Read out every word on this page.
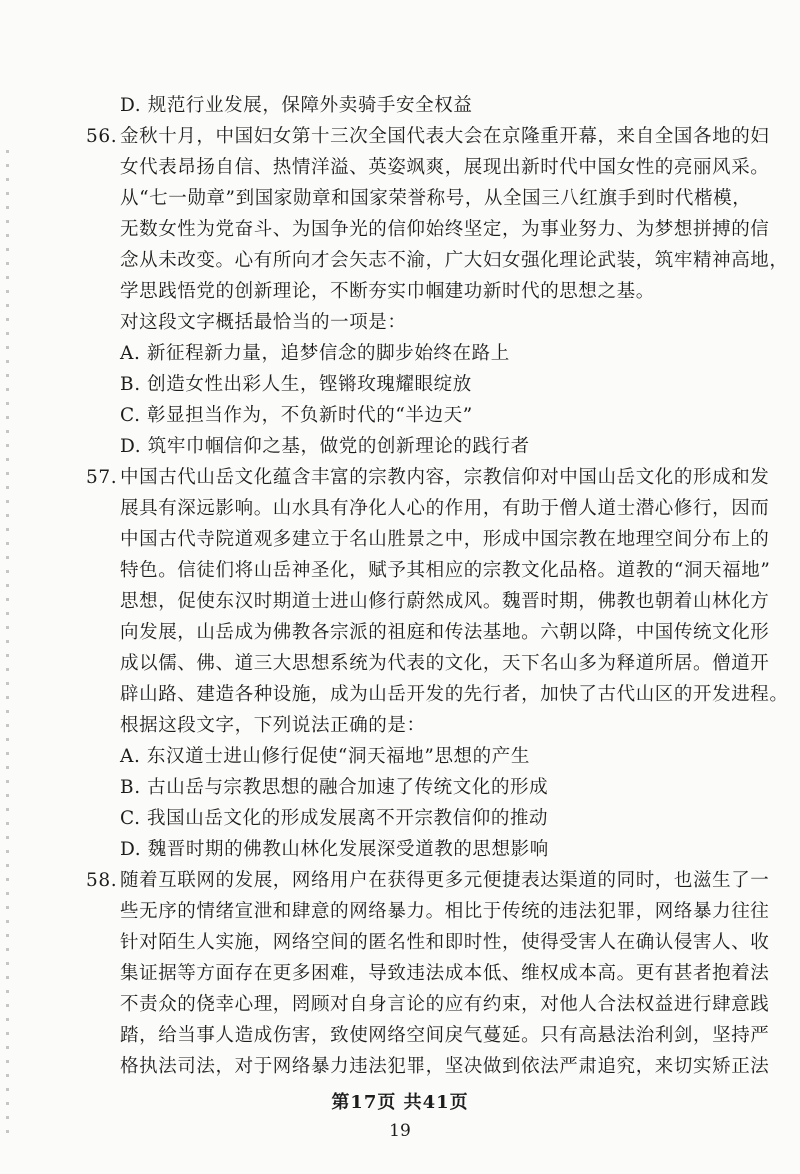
D. 规范行业发展，保障外卖骑手安全权益
56. 金秋十月，中国妇女第十三次全国代表大会在京隆重开幕，来自全国各地的妇
女代表昂扬自信、热情洋溢、英姿飒爽，展现出新时代中国女性的亮丽风采。
从“七一勋章”到国家勋章和国家荣誉称号，从全国三八红旗手到时代楷模，
无数女性为党奋斗、为国争光的信仰始终坚定，为事业努力、为梦想拼搏的信
念从未改变。心有所向才会矢志不渝，广大妇女强化理论武装，筑牢精神高地，
学思践悟党的创新理论，不断夯实巾帼建功新时代的思想之基。
对这段文字概括最恰当的一项是：
A. 新征程新力量，追梦信念的脚步始终在路上
B. 创造女性出彩人生，铿锵玫瑰耀眼绽放
C. 彰显担当作为，不负新时代的“半边天”
D. 筑牢巾帼信仰之基，做党的创新理论的践行者
57. 中国古代山岳文化蕴含丰富的宗教内容，宗教信仰对中国山岳文化的形成和发
展具有深远影响。山水具有净化人心的作用，有助于僧人道士潜心修行，因而
中国古代寺院道观多建立于名山胜景之中，形成中国宗教在地理空间分布上的
特色。信徒们将山岳神圣化，赋予其相应的宗教文化品格。道教的“洞天福地”
思想，促使东汉时期道士进山修行蔚然成风。魏晋时期，佛教也朝着山林化方
向发展，山岳成为佛教各宗派的祖庭和传法基地。六朝以降，中国传统文化形
成以儒、佛、道三大思想系统为代表的文化，天下名山多为释道所居。僧道开
辟山路、建造各种设施，成为山岳开发的先行者，加快了古代山区的开发进程。
根据这段文字，下列说法正确的是：
A. 东汉道士进山修行促使“洞天福地”思想的产生
B. 古山岳与宗教思想的融合加速了传统文化的形成
C. 我国山岳文化的形成发展离不开宗教信仰的推动
D. 魏晋时期的佛教山林化发展深受道教的思想影响
58. 随着互联网的发展，网络用户在获得更多元便捷表达渠道的同时，也滋生了一
些无序的情绪宣泄和肆意的网络暴力。相比于传统的违法犯罪，网络暴力往往
针对陌生人实施，网络空间的匿名性和即时性，使得受害人在确认侵害人、收
集证据等方面存在更多困难，导致违法成本低、维权成本高。更有甚者抱着法
不责众的侥幸心理，罔顾对自身言论的应有约束，对他人合法权益进行肆意践
踏，给当事人造成伤害，致使网络空间戾气蔓延。只有高悬法治利剑，坚持严
格执法司法，对于网络暴力违法犯罪，坚决做到依法严肃追究，来切实矫正法
第17页 共41页
19
